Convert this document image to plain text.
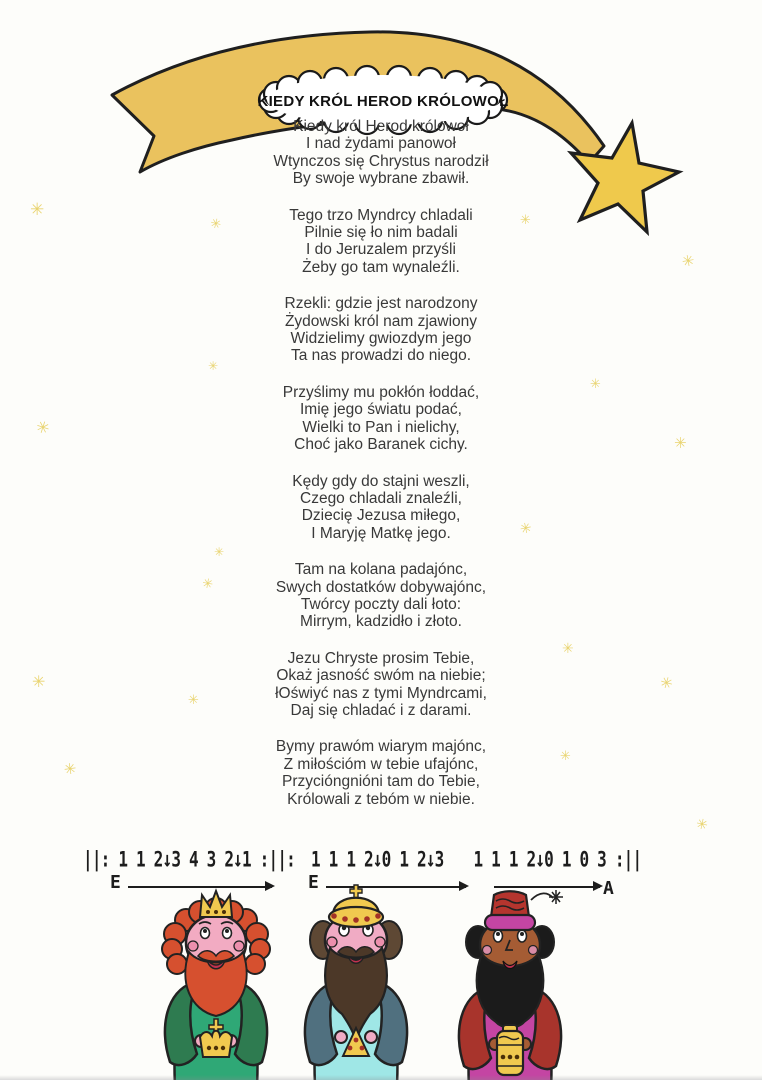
KIEDY KRÓL HEROD KRÓLOWOŁ
✳
✳	✳
✳
✳
✳
✳
✳
✳
✳
✳
✳
✳	✳
✳
✳
✳
✳
Kiedy król Herod królowoł
I nad żydami panowoł
Wtynczos się Chrystus narodził
By swoje wybrane zbawił.
Tego trzo Myndrcy chladali
Pilnie się ło nim badali
I do Jeruzalem przyśli
Żeby go tam wynaleźli.
Rzekli: gdzie jest narodzony
Żydowski król nam zjawiony
Widzielimy gwiozdym jego
Ta nas prowadzi do niego.
Przyślimy mu pokłón łoddać,
Imię jego światu podać,
Wielki to Pan i nielichy,
Choć jako Baranek cichy.
Kędy gdy do stajni weszli,
Czego chladali znaleźli,
Dziecię Jezusa miłego,
I Maryję Matkę jego.
Tam na kolana padajónc,
Swych dostatków dobywajónc,
Twórcy poczty dali łoto:
Mirrym, kadzidło i złoto.
Jezu Chryste prosim Tebie,
Okaż jasność swóm na niebie;
łOświyć nas z tymi Myndrcami,
Daj się chladać i z darami.
Bymy prawóm wiarym majónc,
Z miłościóm w tebie ufajónc,
Przycióngnióni tam do Tebie,
Królowali z tebóm w niebie.
||: 1 1 2↓3 4 3 2↓1 :||: 1 1 1 2↓0 1 2↓3 1 1 1 2↓0 1 0 3 :||
E	E	A
